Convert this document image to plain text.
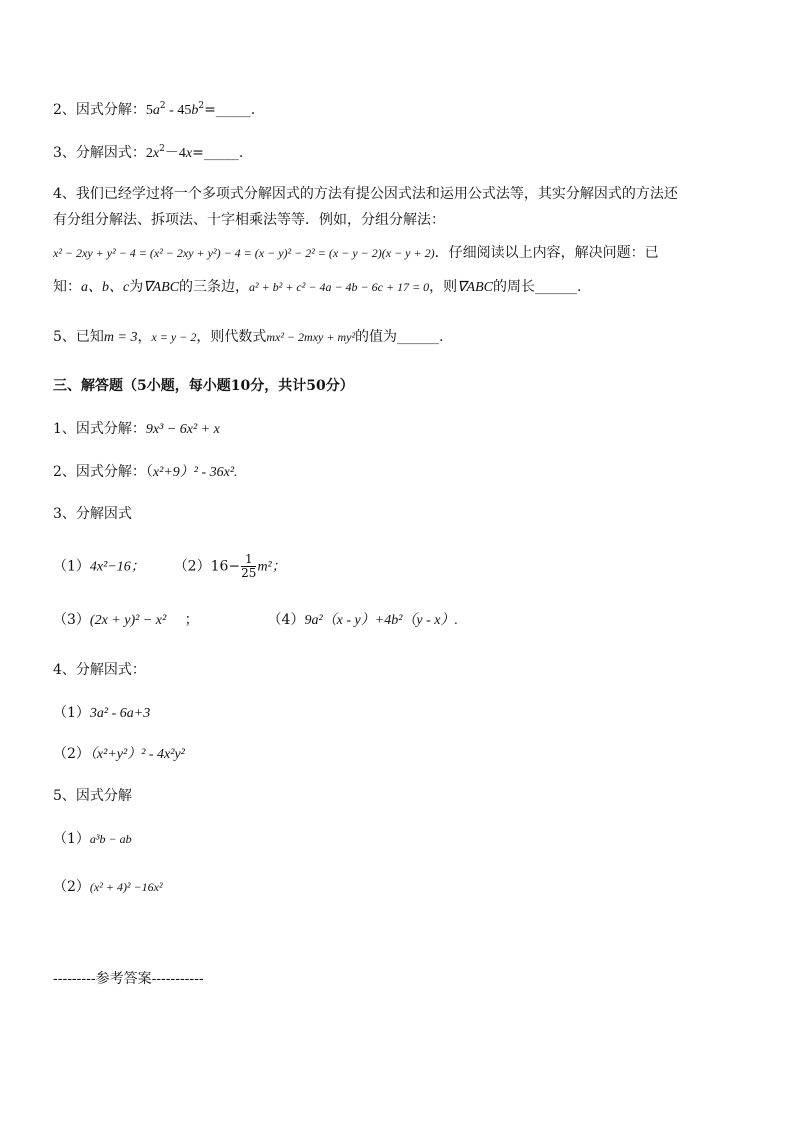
2、因式分解：$5a^2$ - $45b^2=\_\_\_\_\_$.
3、分解因式：$2x^2-4x=\_\_\_\_\_$.
4、我们已经学过将一个多项式分解因式的方法有提公因式法和运用公式法等，其实分解因式的方法还
有分组分解法、拆项法、十字相乘法等等．例如，分组分解法：
x² − 2xy + y² − 4 = (x² − 2xy + y²) − 4 = (x − y)² − 2² = (x − y − 2)(x − y + 2)．仔细阅读以上内容，解决问题：已
知：a、b、c为∇ABC的三条边，a² + b² + c² − 4a − 4b − 6c + 17 = 0，则∇ABC的周长______.
5、已知m = 3，x = y − 2，则代数式mx² − 2mxy + my²的值为______.
三、解答题（5小题，每小题10分，共计50分）
1、因式分解：9x³ − 6x² + x
2、因式分解：（x²+9）² - 36x².
3、分解因式
（1）4x²−16； $(2)16- \frac{1}{25} m^2$；
（3）(2x + y)² − x² ；	（4）9a²（x - y）+4b²（y - x）.
4、分解因式：
（1）3a² - 6a+3
（2）（x²+y²）² - 4x²y²
5、因式分解
（1）a³b − ab
（2）(x² + 4)² −16x²
---------参考答案-----------
